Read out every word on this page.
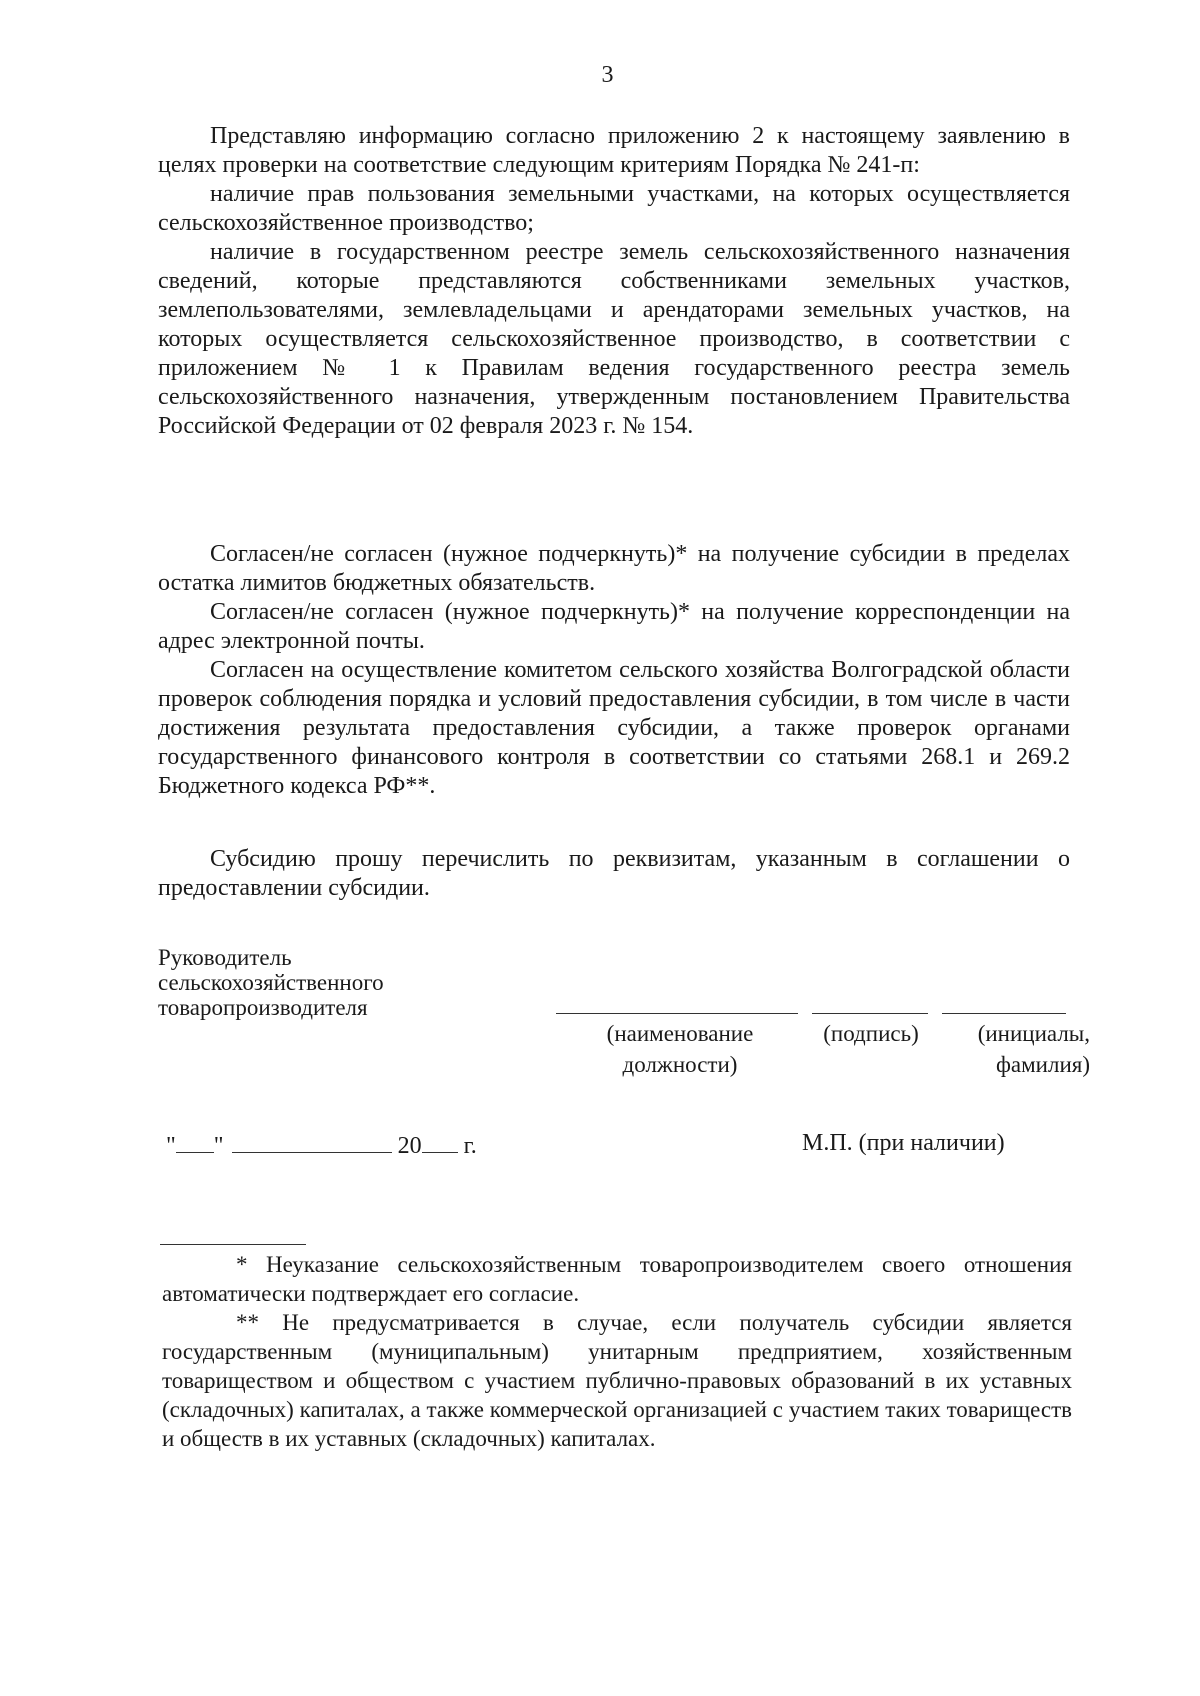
3

Представляю информацию согласно приложению 2 к настоящему заявлению в целях проверки на соответствие следующим критериям Порядка № 241-п:

наличие прав пользования земельными участками, на которых осуществляется сельскохозяйственное производство;

наличие в государственном реестре земель сельскохозяйственного назначения сведений, которые представляются собственниками земельных участков, землепользователями, землевладельцами и арендаторами земельных участков, на которых осуществляется сельскохозяйственное производство, в соответствии с приложением № 1 к Правилам ведения государственного реестра земель сельскохозяйственного назначения, утвержденным постановлением Правительства Российской Федерации от 02 февраля 2023 г. № 154.

Согласен/не согласен (нужное подчеркнуть)* на получение субсидии в пределах остатка лимитов бюджетных обязательств.

Согласен/не согласен (нужное подчеркнуть)* на получение корреспонденции на адрес электронной почты.

Согласен на осуществление комитетом сельского хозяйства Волгоградской области проверок соблюдения порядка и условий предоставления субсидии, в том числе в части достижения результата предоставления субсидии, а также проверок органами государственного финансового контроля в соответствии со статьями 268.1 и 269.2 Бюджетного кодекса РФ**.

Субсидию прошу перечислить по реквизитам, указанным в соглашении о предоставлении субсидии.

Руководитель
сельскохозяйственного
товаропроизводителя
(наименование
должности)
(подпись)	(инициалы,
фамилия)
" "	20 г.	М.П. (при наличии)

* Неуказание сельскохозяйственным товаропроизводителем своего отношения автоматически подтверждает его согласие.

** Не предусматривается в случае, если получатель субсидии является государственным (муниципальным) унитарным предприятием, хозяйственным товариществом и обществом с участием публично-правовых образований в их уставных (складочных) капиталах, а также коммерческой организацией с участием таких товариществ и обществ в их уставных (складочных) капиталах.
